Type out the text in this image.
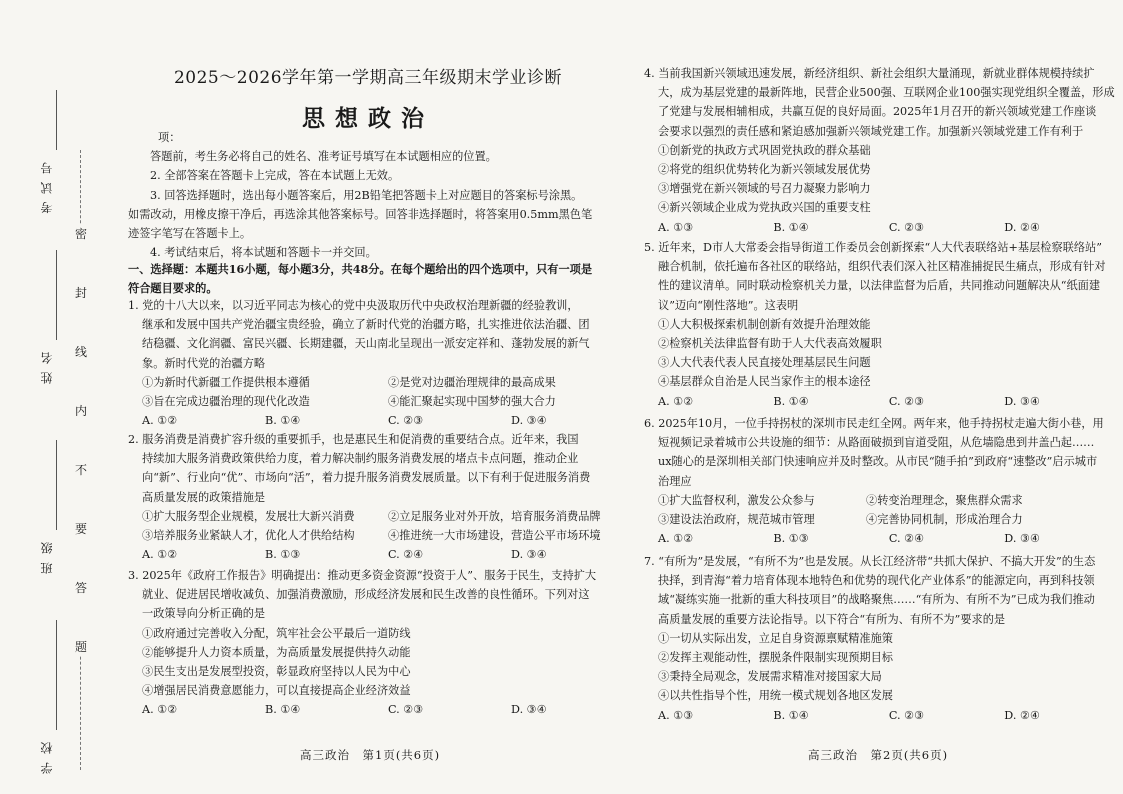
考 试 号
姓 名
班 级
学 校
密
封
线
内
不
要
答
题
2025～2026学年第一学期高三年级期末学业诊断
思想政治
项：
答题前，考生务必将自己的姓名、准考证号填写在本试题相应的位置。
2. 全部答案在答题卡上完成，答在本试题上无效。
3. 回答选择题时，选出每小题答案后，用2B铅笔把答题卡上对应题目的答案标号涂黑。
如需改动，用橡皮擦干净后，再选涂其他答案标号。回答非选择题时，将答案用0.5mm黑色笔
迹签字笔写在答题卡上。
4. 考试结束后，将本试题和答题卡一并交回。
一、选择题：本题共16小题，每小题3分，共48分。在每个题给出的四个选项中，只有一项是
符合题目要求的。
1. 党的十八大以来，以习近平同志为核心的党中央汲取历代中央政权治理新疆的经验教训，
继承和发展中国共产党治疆宝贵经验，确立了新时代党的治疆方略，扎实推进依法治疆、团
结稳疆、文化润疆、富民兴疆、长期建疆，天山南北呈现出一派安定祥和、蓬勃发展的新气
象。新时代党的治疆方略
①为新时代新疆工作提供根本遵循	②是党对边疆治理规律的最高成果
③旨在完成边疆治理的现代化改造	④能汇聚起实现中国梦的强大合力
A. ①②	B. ①④	C. ②③	D. ③④
2. 服务消费是消费扩容升级的重要抓手，也是惠民生和促消费的重要结合点。近年来，我国
持续加大服务消费政策供给力度，着力解决制约服务消费发展的堵点卡点问题，推动企业
向“新”、行业向“优”、市场向“活”，着力提升服务消费发展质量。以下有利于促进服务消费
高质量发展的政策措施是
①扩大服务型企业规模，发展壮大新兴消费	②立足服务业对外开放，培育服务消费品牌
③培养服务业紧缺人才，优化人才供给结构	④推进统一大市场建设，营造公平市场环境
A. ①②	B. ①③	C. ②④	D. ③④
3. 2025年《政府工作报告》明确提出：推动更多资金资源“投资于人”、服务于民生，支持扩大
就业、促进居民增收减负、加强消费激励，形成经济发展和民生改善的良性循环。下列对这
一政策导向分析正确的是
①政府通过完善收入分配，筑牢社会公平最后一道防线
②能够提升人力资本质量，为高质量发展提供持久动能
③民生支出是发展型投资，彰显政府坚持以人民为中心
④增强居民消费意愿能力，可以直接提高企业经济效益
A. ①②	B. ①④	C. ②③	D. ③④
4. 当前我国新兴领域迅速发展，新经济组织、新社会组织大量涌现，新就业群体规模持续扩
大，成为基层党建的最新阵地，民营企业500强、互联网企业100强实现党组织全覆盖，形成
了党建与发展相辅相成，共赢互促的良好局面。2025年1月召开的新兴领域党建工作座谈
会要求以强烈的责任感和紧迫感加强新兴领域党建工作。加强新兴领域党建工作有利于
①创新党的执政方式巩固党执政的群众基础
②将党的组织优势转化为新兴领域发展优势
③增强党在新兴领域的号召力凝聚力影响力
④新兴领域企业成为党执政兴国的重要支柱
A. ①③	B. ①④	C. ②③	D. ②④
5. 近年来，D市人大常委会指导街道工作委员会创新探索“人大代表联络站+基层检察联络站”
融合机制，依托遍布各社区的联络站，组织代表们深入社区精准捕捉民生痛点，形成有针对
性的建议清单。同时联动检察机关力量，以法律监督为后盾，共同推动问题解决从“纸面建
议”迈向“刚性落地”。这表明
①人大积极探索机制创新有效提升治理效能
②检察机关法律监督有助于人大代表高效履职
③人大代表代表人民直接处理基层民生问题
④基层群众自治是人民当家作主的根本途径
A. ①②	B. ①④	C. ②③	D. ③④
6. 2025年10月，一位手持拐杖的深圳市民走红全网。两年来，他手持拐杖走遍大街小巷，用
短视频记录着城市公共设施的细节：从路面破损到盲道受阻，从危墙隐患到井盖凸起……
ux随心的是深圳相关部门快速响应并及时整改。从市民“随手拍”到政府“速整改”启示城市
治理应
①扩大监督权利，激发公众参与	②转变治理理念，聚焦群众需求
③建设法治政府，规范城市管理	④完善协同机制，形成治理合力
A. ①②	B. ①③	C. ②④	D. ③④
7. “有所为”是发展，“有所不为”也是发展。从长江经济带“共抓大保护、不搞大开发”的生态
抉择，到青海“着力培育体现本地特色和优势的现代化产业体系”的能源定向，再到科技领
域“凝练实施一批新的重大科技项目”的战略聚焦……“有所为、有所不为”已成为我们推动
高质量发展的重要方法论指导。以下符合“有所为、有所不为”要求的是
①一切从实际出发，立足自身资源禀赋精准施策
②发挥主观能动性，摆脱条件限制实现预期目标
③秉持全局观念，发展需求精准对接国家大局
④以共性指导个性，用统一模式规划各地区发展
A. ①③	B. ①④	C. ②③	D. ②④
高三政治　第1页(共6页)	高三政治　第2页(共6页)
